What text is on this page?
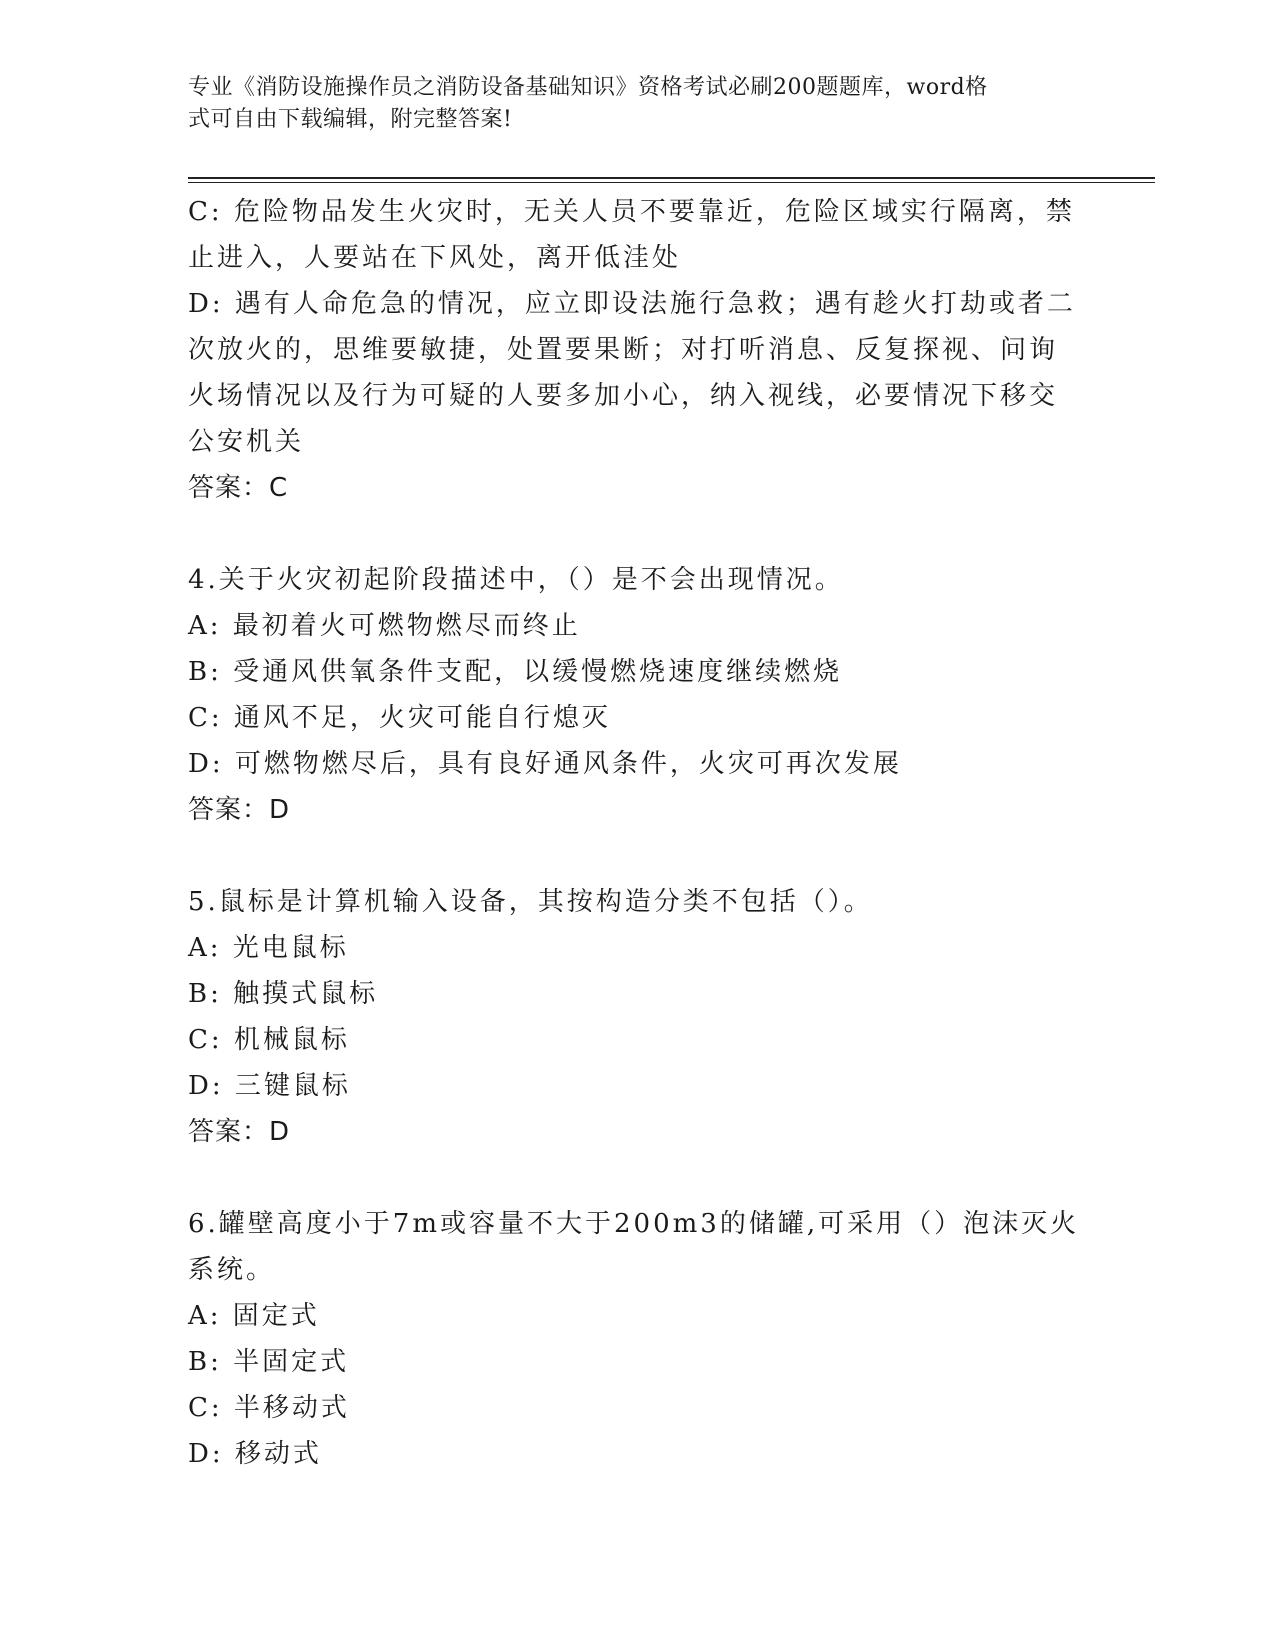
专业《消防设施操作员之消防设备基础知识》资格考试必刷200题题库，word格
式可自由下载编辑，附完整答案!
C: 危险物品发生火灾时，无关人员不要靠近，危险区域实行隔离，禁
止进入，人要站在下风处，离开低洼处
D: 遇有人命危急的情况，应立即设法施行急救；遇有趁火打劫或者二
次放火的，思维要敏捷，处置要果断；对打听消息、反复探视、问询
火场情况以及行为可疑的人要多加小心，纳入视线，必要情况下移交
公安机关
答案：C
4.关于火灾初起阶段描述中，（）是不会出现情况。
A: 最初着火可燃物燃尽而终止
B: 受通风供氧条件支配，以缓慢燃烧速度继续燃烧
C: 通风不足，火灾可能自行熄灭
D: 可燃物燃尽后，具有良好通风条件，火灾可再次发展
答案：D
5.鼠标是计算机输入设备，其按构造分类不包括（）。
A: 光电鼠标
B: 触摸式鼠标
C: 机械鼠标
D: 三键鼠标
答案：D
6.罐壁高度小于7m或容量不大于200m3的储罐,可采用（）泡沫灭火
系统。
A: 固定式
B: 半固定式
C: 半移动式
D: 移动式
